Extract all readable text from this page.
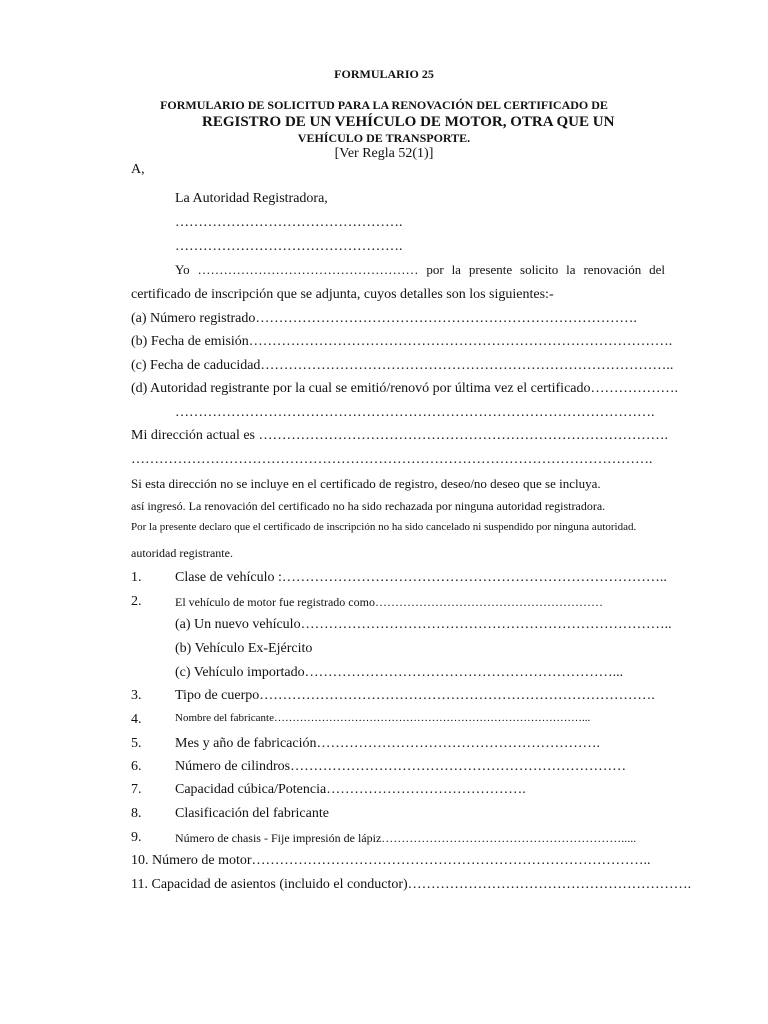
FORMULARIO 25
FORMULARIO DE SOLICITUD PARA LA RENOVACIÓN DEL CERTIFICADO DE
REGISTRO DE UN VEHÍCULO DE MOTOR, OTRA QUE UN
VEHÍCULO DE TRANSPORTE.
[Ver Regla 52(1)]
A,
La Autoridad Registradora,
………………………………………….
………………………………………….
Yo …………………………………………… por la presente solicito la renovación del
certificado de inscripción que se adjunta, cuyos detalles son los siguientes:-
(a) Número registrado……………………………………………………………………….
(b) Fecha de emisión……………………………………………………………………………….
(c) Fecha de caducidad……………………………………………………………………………..
(d) Autoridad registrante por la cual se emitió/renovó por última vez el certificado……………….
………………………………………………………………………………………….
Mi dirección actual es …………………………………………………………………………….
………………………………………………………………………………………………….
Si esta dirección no se incluye en el certificado de registro, deseo/no deseo que se incluya.
así ingresó. La renovación del certificado no ha sido rechazada por ninguna autoridad registradora.
Por la presente declaro que el certificado de inscripción no ha sido cancelado ni suspendido por ninguna autoridad.
autoridad registrante.
1. Clase de vehículo :………………………………………………………………………..
2.	El vehículo de motor fue registrado como…………………………………………………
(a) Un nuevo vehículo……………………………………………………………………..
(b) Vehículo Ex-Ejército
(c) Vehículo importado…………………………………………………………...
3. Tipo de cuerpo………………………………………………………………………….
4.	Nombre del fabricante…………………………………………………………………………...
5. Mes y año de fabricación…………………………………………………….
6. Número de cilindros………………………………………………………………
7. Capacidad cúbica/Potencia…………………………………….
8. Clasificación del fabricante
9.	Número de chasis - Fije impresión de lápiz…………………………………………………….....
10. Número de motor…………………………………………………………………………..
11. Capacidad de asientos (incluido el conductor)…………………………………………………….
